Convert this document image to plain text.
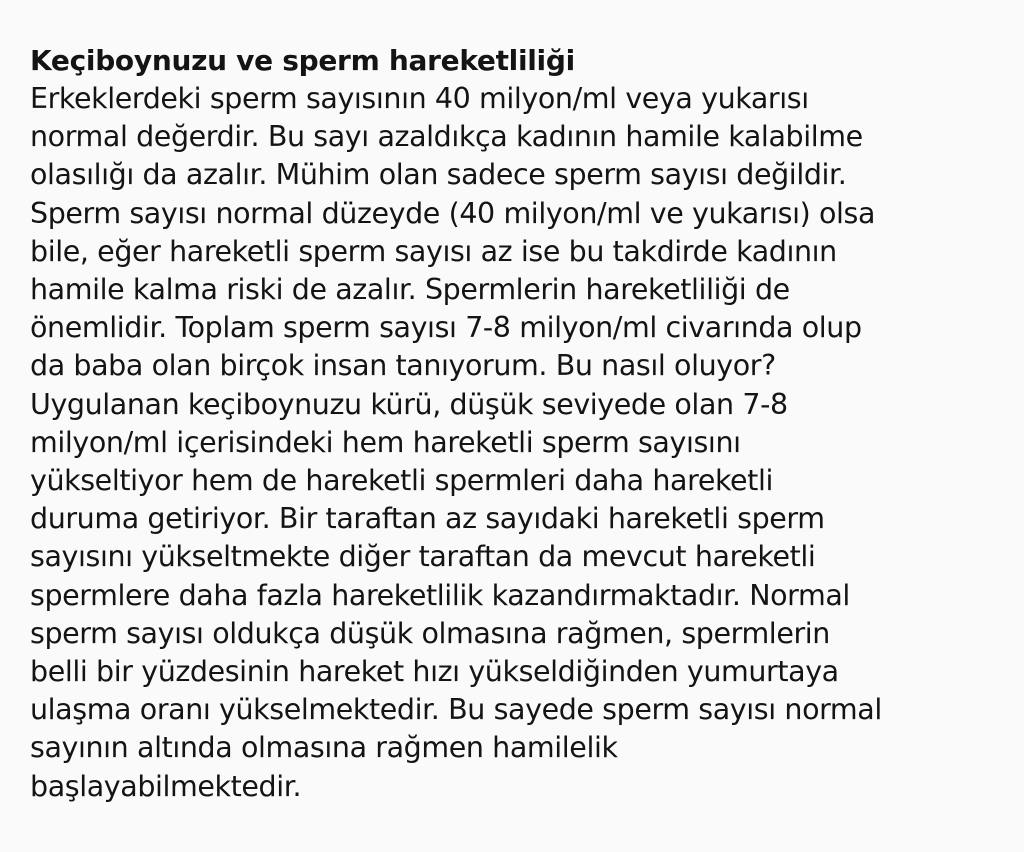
Keçiboynuzu ve sperm hareketliliği

Erkeklerdeki sperm sayısının 40 milyon/ml veya yukarısı

normal değerdir. Bu sayı azaldıkça kadının hamile kalabilme

olasılığı da azalır. Mühim olan sadece sperm sayısı değildir.

Sperm sayısı normal düzeyde (40 milyon/ml ve yukarısı) olsa

bile, eğer hareketli sperm sayısı az ise bu takdirde kadının

hamile kalma riski de azalır. Spermlerin hareketliliği de

önemlidir. Toplam sperm sayısı 7-8 milyon/ml civarında olup

da baba olan birçok insan tanıyorum. Bu nasıl oluyor?

Uygulanan keçiboynuzu kürü, düşük seviyede olan 7-8

milyon/ml içerisindeki hem hareketli sperm sayısını

yükseltiyor hem de hareketli spermleri daha hareketli

duruma getiriyor. Bir taraftan az sayıdaki hareketli sperm

sayısını yükseltmekte diğer taraftan da mevcut hareketli

spermlere daha fazla hareketlilik kazandırmaktadır. Normal

sperm sayısı oldukça düşük olmasına rağmen, spermlerin

belli bir yüzdesinin hareket hızı yükseldiğinden yumurtaya

ulaşma oranı yükselmektedir. Bu sayede sperm sayısı normal

sayının altında olmasına rağmen hamilelik

başlayabilmektedir.
